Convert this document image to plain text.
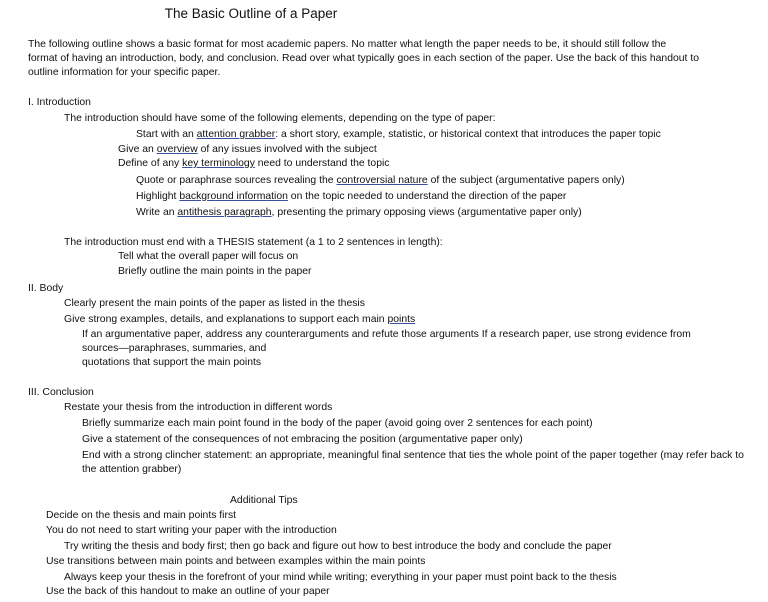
The Basic Outline of a Paper

The following outline shows a basic format for most academic papers. No matter what length the paper needs to be, it should still follow the

format of having an introduction, body, and conclusion. Read over what typically goes in each section of the paper. Use the back of this handout to

outline information for your specific paper.

I. Introduction
The introduction should have some of the following elements, depending on the type of paper:
Start with an attention grabber: a short story, example, statistic, or historical context that introduces the paper topic
Give an overview of any issues involved with the subject
Define of any key terminology need to understand the topic
Quote or paraphrase sources revealing the controversial nature of the subject (argumentative papers only)
Highlight background information on the topic needed to understand the direction of the paper
Write an antithesis paragraph, presenting the primary opposing views (argumentative paper only)
The introduction must end with a THESIS statement (a 1 to 2 sentences in length):
Tell what the overall paper will focus on
Briefly outline the main points in the paper
II. Body
Clearly present the main points of the paper as listed in the thesis
Give strong examples, details, and explanations to support each main points
If an argumentative paper, address any counterarguments and refute those arguments If a research paper, use strong evidence from sources—paraphrases, summaries, and
quotations that support the main points
III. Conclusion
Restate your thesis from the introduction in different words
Briefly summarize each main point found in the body of the paper (avoid going over 2 sentences for each point)
Give a statement of the consequences of not embracing the position (argumentative paper only)
End with a strong clincher statement: an appropriate, meaningful final sentence that ties the whole point of the paper together (may refer back to the attention grabber)
Additional Tips
Decide on the thesis and main points first
You do not need to start writing your paper with the introduction
Try writing the thesis and body first; then go back and figure out how to best introduce the body and conclude the paper
Use transitions between main points and between examples within the main points
Always keep your thesis in the forefront of your mind while writing; everything in your paper must point back to the thesis
Use the back of this handout to make an outline of your paper
